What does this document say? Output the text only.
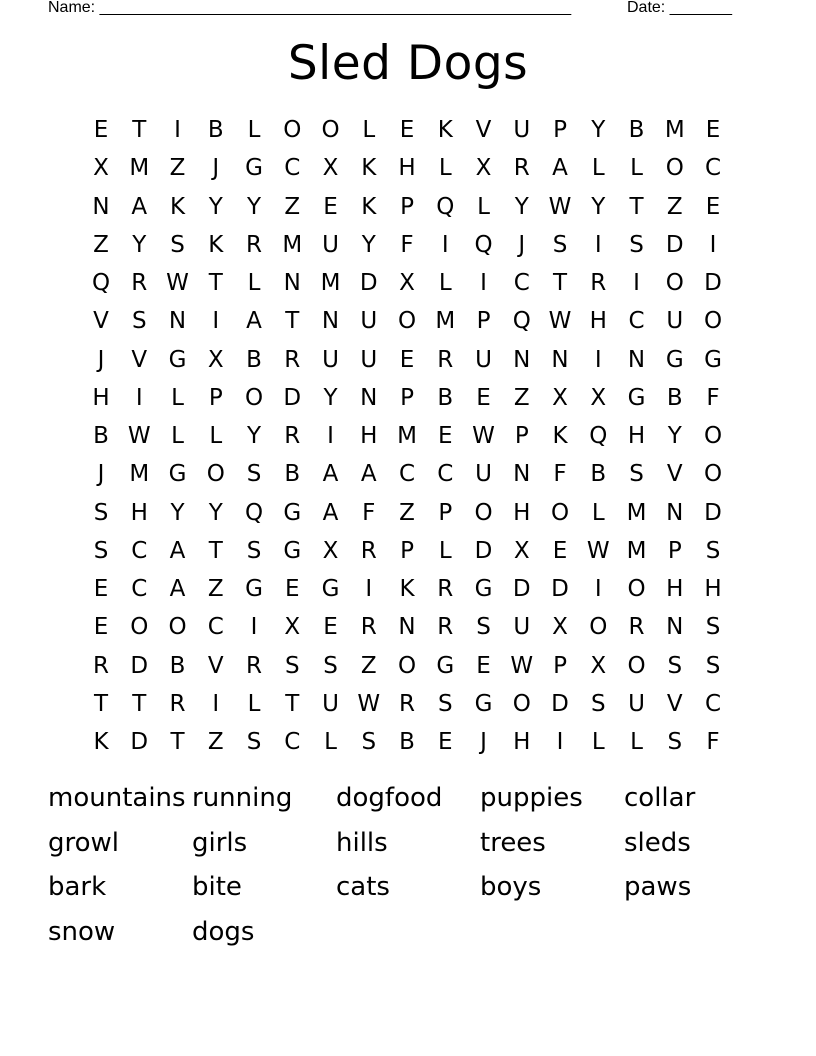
Name: _____________________________________________________	Date: _______
Sled Dogs
E	T	I	B	L O O L	E	K V U P	Y	B M E
X M Z	J	G C X K H	L	X R A	L	L O C
N A K	Y	Y	Z	E	K	P Q L	Y W Y	T	Z	E
Z	Y	S	K R M U Y	F	I	Q	J	S	I	S D	I
Q R W T	L	N M D X	L	I	C	T	R	I	O D
V	S N	I	A	T N U O M P Q W H C U O
J	V G X B R U U E R U N N	I	N G G
H	I	L	P O D Y N P	B	E	Z X X G B	F
B W L	L	Y	R	I	H M E W P	K Q H Y O
J	M G O S	B A A C C U N	F	B	S	V O
S H Y	Y Q G A	F	Z	P O H O L M N D
S C A	T	S G X R	P	L D X	E W M P	S
E C A Z G E G	I	K R G D D	I	O H H
E O O C	I	X	E R N R S U X O R N S
R D B V R S	S	Z O G E W P	X O S	S
T	T	R	I	L	T U W R S G O D S U V C
K D T	Z	S C	L	S	B	E	J	H	I	L	L	S	F
mountains running dogfood puppies collar
growl	girls	hills	trees	sleds
bark	bite	cats	boys	paws
snow	dogs
